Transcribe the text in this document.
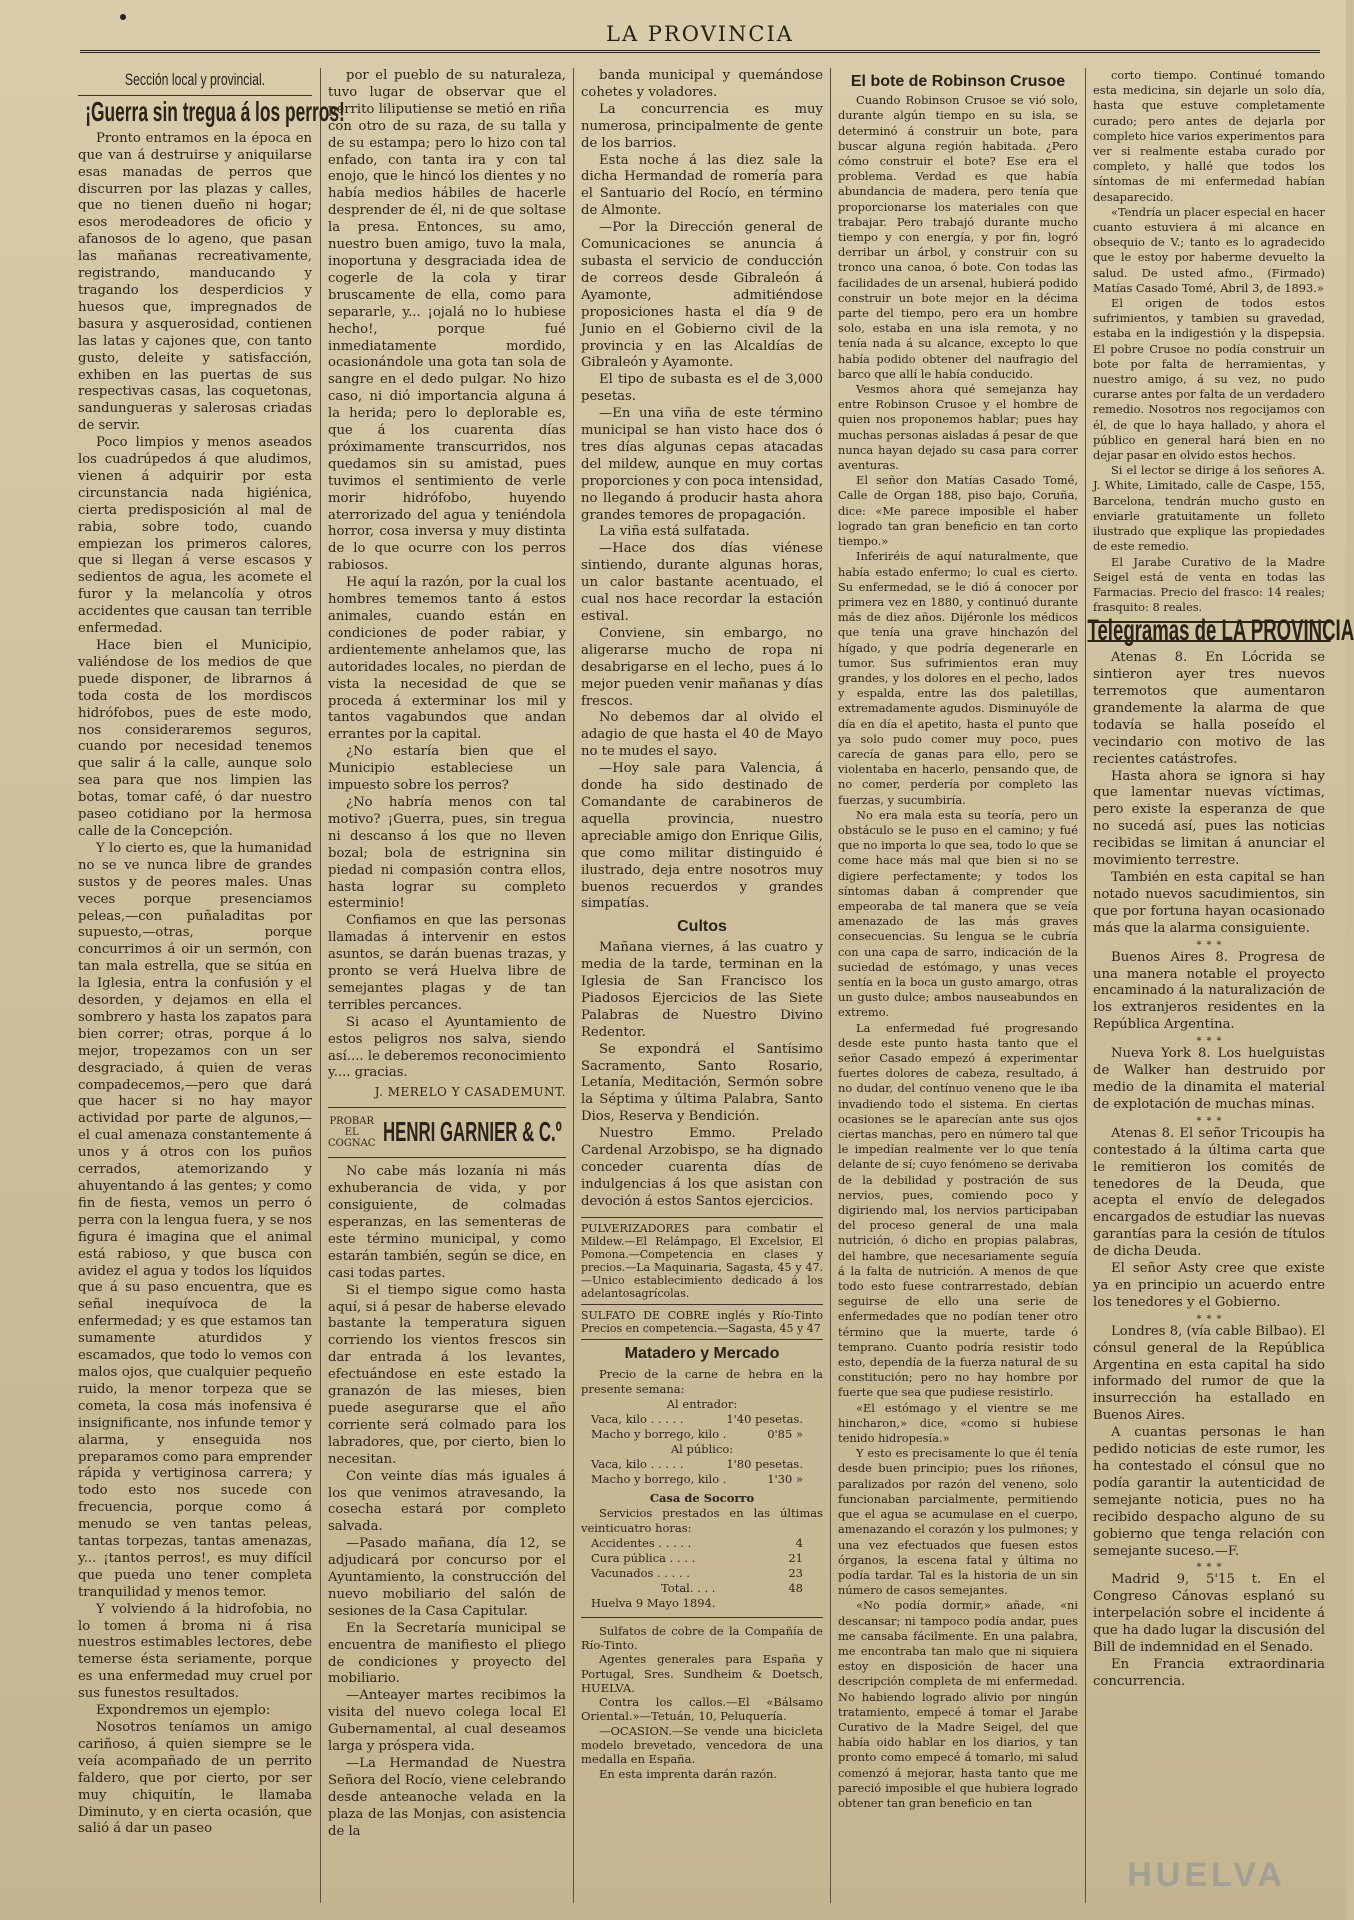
LA PROVINCIA
Sección local y provincial.
¡Guerra sin tregua á los perros!

Pronto entramos en la época en que van á destruirse y aniquilarse esas manadas de perros que discurren por las plazas y calles, que no tienen dueño ni hogar; esos merodeadores de oficio y afanosos de lo ageno, que pasan las mañanas recreativamente, registrando, manducando y tragando los desperdicios y huesos que, impregnados de basura y asquerosidad, contienen las latas y cajones que, con tanto gusto, deleite y satisfacción, exhiben en las puertas de sus respectivas casas, las coquetonas, sandungueras y salerosas criadas de servir.

Poco limpios y menos aseados los cuadrúpedos á que aludimos, vienen á adquirir por esta circunstancia nada higiénica, cierta predisposición al mal de rabia, sobre todo, cuando empiezan los primeros calores, que si llegan á verse escasos y sedientos de agua, les acomete el furor y la melancolía y otros accidentes que causan tan terrible enfermedad.

Hace bien el Municipio, valiéndose de los medios de que puede disponer, de librarnos á toda costa de los mordiscos hidrófobos, pues de este modo, nos consideraremos seguros, cuando por necesidad tenemos que salir á la calle, aunque solo sea para que nos limpien las botas, tomar café, ó dar nuestro paseo cotidiano por la hermosa calle de la Concepción.

Y lo cierto es, que la humanidad no se ve nunca libre de grandes sustos y de peores males. Unas veces porque presenciamos peleas,—con puñaladitas por supuesto,—otras, porque concurrimos á oir un sermón, con tan mala estrella, que se sitúa en la Iglesia, entra la confusión y el desorden, y dejamos en ella el sombrero y hasta los zapatos para bien correr; otras, porque á lo mejor, tropezamos con un ser desgraciado, á quien de veras compadecemos,—pero que dará que hacer si no hay mayor actividad por parte de algunos,—el cual amenaza constantemente á unos y á otros con los puños cerrados, atemorizando y ahuyentando á las gentes; y como fin de fiesta, vemos un perro ó perra con la lengua fuera, y se nos figura é imagina que el animal está rabioso, y que busca con avidez el agua y todos los líquidos que á su paso encuentra, que es señal inequívoca de la enfermedad; y es que estamos tan sumamente aturdidos y escamados, que todo lo vemos con malos ojos, que cualquier pequeño ruido, la menor torpeza que se cometa, la cosa más inofensiva é insignificante, nos infunde temor y alarma, y enseguida nos preparamos como para emprender rápida y vertiginosa carrera; y todo esto nos sucede con frecuencia, porque como á menudo se ven tantas peleas, tantas torpezas, tantas amenazas, y... ¡tantos perros!, es muy difícil que pueda uno tener completa tranquilidad y menos temor.

Y volviendo á la hidrofobia, no lo tomen á broma ni á risa nuestros estimables lectores, debe temerse ésta seriamente, porque es una enfermedad muy cruel por sus funestos resultados.

Expondremos un ejemplo:

Nosotros teníamos un amigo cariñoso, á quien siempre se le veía acompañado de un perrito faldero, que por cierto, por ser muy chiquitín, le llamaba Diminuto, y en cierta ocasión, que salió á dar un paseo

por el pueblo de su naturaleza, tuvo lugar de observar que el perrito liliputiense se metió en riña con otro de su raza, de su talla y de su estampa; pero lo hizo con tal enfado, con tanta ira y con tal enojo, que le hincó los dientes y no había medios hábiles de hacerle desprender de él, ni de que soltase la presa. Entonces, su amo, nuestro buen amigo, tuvo la mala, inoportuna y desgraciada idea de cogerle de la cola y tirar bruscamente de ella, como para separarle, y... ¡ojalá no lo hubiese hecho!, porque fué inmediatamente mordido, ocasionándole una gota tan sola de sangre en el dedo pulgar. No hizo caso, ni dió importancia alguna á la herida; pero lo deplorable es, que á los cuarenta días próximamente transcurridos, nos quedamos sin su amistad, pues tuvimos el sentimiento de verle morir hidrófobo, huyendo aterrorizado del agua y teniéndola horror, cosa inversa y muy distinta de lo que ocurre con los perros rabiosos.

He aquí la razón, por la cual los hombres tememos tanto á estos animales, cuando están en condiciones de poder rabiar, y ardientemente anhelamos que, las autoridades locales, no pierdan de vista la necesidad de que se proceda á exterminar los mil y tantos vagabundos que andan errantes por la capital.

¿No estaría bien que el Municipio estableciese un impuesto sobre los perros?

¿No habría menos con tal motivo? ¡Guerra, pues, sin tregua ni descanso á los que no lleven bozal; bola de estrignina sin piedad ni compasión contra ellos, hasta lograr su completo esterminio!

Confiamos en que las personas llamadas á intervenir en estos asuntos, se darán buenas trazas, y pronto se verá Huelva libre de semejantes plagas y de tan terribles percances.

Si acaso el Ayuntamiento de estos peligros nos salva, siendo así.... le deberemos reconocimiento y.... gracias.

J. MERELO Y CASADEMUNT.
PROBAR EL COGNAC HENRI GARNIER & C.º

No cabe más lozanía ni más exhuberancia de vida, y por consiguiente, de colmadas esperanzas, en las sementeras de este término municipal, y como estarán también, según se dice, en casi todas partes.

Si el tiempo sigue como hasta aquí, si á pesar de haberse elevado bastante la temperatura siguen corriendo los vientos frescos sin dar entrada á los levantes, efectuándose en este estado la granazón de las mieses, bien puede asegurarse que el año corriente será colmado para los labradores, que, por cierto, bien lo necesitan.

Con veinte días más iguales á los que venimos atravesando, la cosecha estará por completo salvada.

—Pasado mañana, día 12, se adjudicará por concurso por el Ayuntamiento, la construcción del nuevo mobiliario del salón de sesiones de la Casa Capitular.

En la Secretaría municipal se encuentra de manifiesto el pliego de condiciones y proyecto del mobiliario.

—Anteayer martes recibimos la visita del nuevo colega local El Gubernamental, al cual deseamos larga y próspera vida.

—La Hermandad de Nuestra Señora del Rocío, viene celebrando desde anteanoche velada en la plaza de las Monjas, con asistencia de la

banda municipal y quemándose cohetes y voladores.

La concurrencia es muy numerosa, principalmente de gente de los barrios.

Esta noche á las diez sale la dicha Hermandad de romería para el Santuario del Rocío, en término de Almonte.

—Por la Dirección general de Comunicaciones se anuncia á subasta el servicio de conducción de correos desde Gibraleón á Ayamonte, admitiéndose proposiciones hasta el día 9 de Junio en el Gobierno civil de la provincia y en las Alcaldías de Gibraleón y Ayamonte.

El tipo de subasta es el de 3,000 pesetas.

—En una viña de este término municipal se han visto hace dos ó tres días algunas cepas atacadas del mildew, aunque en muy cortas proporciones y con poca intensidad, no llegando á producir hasta ahora grandes temores de propagación.

La viña está sulfatada.

—Hace dos días viénese sintiendo, durante algunas horas, un calor bastante acentuado, el cual nos hace recordar la estación estival.

Conviene, sin embargo, no aligerarse mucho de ropa ni desabrigarse en el lecho, pues á lo mejor pueden venir mañanas y días frescos.

No debemos dar al olvido el adagio de que hasta el 40 de Mayo no te mudes el sayo.

—Hoy sale para Valencia, á donde ha sido destinado de Comandante de carabineros de aquella provincia, nuestro apreciable amigo don Enrique Gilis, que como militar distinguido é ilustrado, deja entre nosotros muy buenos recuerdos y grandes simpatías.

Cultos

Mañana viernes, á las cuatro y media de la tarde, terminan en la Iglesia de San Francisco los Piadosos Ejercicios de las Siete Palabras de Nuestro Divino Redentor.

Se expondrá el Santísimo Sacramento, Santo Rosario, Letanía, Meditación, Sermón sobre la Séptima y última Palabra, Santo Dios, Reserva y Bendición.

Nuestro Emmo. Prelado Cardenal Arzobispo, se ha dignado conceder cuarenta días de indulgencias á los que asistan con devoción á estos Santos ejercicios.

PULVERIZADORES para combatir el Mildew.—El Relámpago, El Excelsior, El Pomona.—Competencia en clases y precios.—La Maquinaria, Sagasta, 45 y 47.—Unico establecimiento dedicado á los adelantosagrícolas.
SULFATO DE COBRE inglés y Río-Tinto Precios en competencia.—Sagasta, 45 y 47
Matadero y Mercado

Precio de la carne de hebra en la presente semana:

Al entrador:
Vaca, kilo . . . . .	1'40 pesetas.
Macho y borrego, kilo .	0'85 »
Al público:
Vaca, kilo . . . . .	1'80 pesetas.
Macho y borrego, kilo .	1'30 »
Casa de Socorro

Servicios prestados en las últimas veinticuatro horas:

Accidentes . . . . .	4
Cura pública . . . .	21
Vacunados . . . . .	23
Total. . . .	48
Huelva 9 Mayo 1894.

Sulfatos de cobre de la Compañía de Río-Tinto.

Agentes generales para España y Portugal, Sres. Sundheim & Doetsch, HUELVA.

Contra los callos.—El «Bálsamo Oriental.»—Tetuán, 10, Peluquería.

—OCASION.—Se vende una bicicleta modelo brevetado, vencedora de una medalla en España.

En esta imprenta darán razón.

El bote de Robinson Crusoe

Cuando Robinson Crusoe se vió solo, durante algún tiempo en su isla, se determinó á construir un bote, para buscar alguna región habitada. ¿Pero cómo construir el bote? Ese era el problema. Verdad es que había abundancia de madera, pero tenía que proporcionarse los materiales con que trabajar. Pero trabajó durante mucho tiempo y con energía, y por fin, logró derribar un árbol, y construir con su tronco una canoa, ó bote. Con todas las facilidades de un arsenal, hubierá podido construir un bote mejor en la décima parte del tiempo, pero era un hombre solo, estaba en una isla remota, y no tenía nada á su alcance, excepto lo que había podido obtener del naufragio del barco que allí le había conducido.

Vesmos ahora qué semejanza hay entre Robinson Crusoe y el hombre de quien nos proponemos hablar; pues hay muchas personas aisladas á pesar de que nunca hayan dejado su casa para correr aventuras.

El señor don Matías Casado Tomé, Calle de Organ 188, piso bajo, Coruña, dice: «Me parece imposible el haber logrado tan gran beneficio en tan corto tiempo.»

Inferiréis de aquí naturalmente, que había estado enfermo; lo cual es cierto. Su enfermedad, se le dió á conocer por primera vez en 1880, y continuó durante más de diez años. Dijéronle los médicos que tenía una grave hinchazón del hígado, y que podría degenerarle en tumor. Sus sufrimientos eran muy grandes, y los dolores en el pecho, lados y espalda, entre las dos paletillas, extremadamente agudos. Disminuyóle de día en día el apetito, hasta el punto que ya solo pudo comer muy poco, pues carecía de ganas para ello, pero se violentaba en hacerlo, pensando que, de no comer, perdería por completo las fuerzas, y sucumbiría.

No era mala esta su teoría, pero un obstáculo se le puso en el camino; y fué que no importa lo que sea, todo lo que se come hace más mal que bien si no se digiere perfectamente; y todos los síntomas daban á comprender que empeoraba de tal manera que se veía amenazado de las más graves consecuencias. Su lengua se le cubría con una capa de sarro, indicación de la suciedad de estómago, y unas veces sentía en la boca un gusto amargo, otras un gusto dulce; ambos nauseabundos en extremo.

La enfermedad fué progresando desde este punto hasta tanto que el señor Casado empezó á experimentar fuertes dolores de cabeza, resultado, á no dudar, del contínuo veneno que le iba invadiendo todo el sistema. En ciertas ocasiones se le aparecían ante sus ojos ciertas manchas, pero en número tal que le impedían realmente ver lo que tenía delante de sí; cuyo fenómeno se derivaba de la debilidad y postración de sus nervios, pues, comiendo poco y digiriendo mal, los nervios participaban del proceso general de una mala nutrición, ó dicho en propias palabras, del hambre, que necesariamente seguía á la falta de nutrición. A menos de que todo esto fuese contrarrestado, debían seguirse de ello una serie de enfermedades que no podían tener otro término que la muerte, tarde ó temprano. Cuanto podría resistir todo esto, dependía de la fuerza natural de su constitución; pero no hay hombre por fuerte que sea que pudiese resistirlo.

«El estómago y el vientre se me hincharon,» dice, «como si hubiese tenido hidropesía.»

Y esto es precisamente lo que él tenía desde buen principio; pues los riñones, paralizados por razón del veneno, solo funcionaban parcialmente, permitiendo que el agua se acumulase en el cuerpo, amenazando el corazón y los pulmones; y una vez efectuados que fuesen estos órganos, la escena fatal y última no podía tardar. Tal es la historia de un sin número de casos semejantes.

«No podía dormir,» añade, «ni descansar; ni tampoco podía andar, pues me cansaba fácilmente. En una palabra, me encontraba tan malo que ni siquiera estoy en disposición de hacer una descripción completa de mi enfermedad. No habiendo logrado alivio por ningún tratamiento, empecé á tomar el Jarabe Curativo de la Madre Seigel, del que había oido hablar en los diarios, y tan pronto como empecé á tomarlo, mi salud comenzó á mejorar, hasta tanto que me pareció imposible el que hubiera logrado obtener tan gran beneficio en tan

corto tiempo. Continué tomando esta medicina, sin dejarle un solo día, hasta que estuve completamente curado; pero antes de dejarla por completo hice varios experimentos para ver si realmente estaba curado por completo, y hallé que todos los síntomas de mi enfermedad habían desaparecido.

«Tendría un placer especial en hacer cuanto estuviera á mi alcance en obsequio de V.; tanto es lo agradecido que le estoy por haberme devuelto la salud. De usted afmo., (Firmado) Matías Casado Tomé, Abril 3, de 1893.»

El origen de todos estos sufrimientos, y tambien su gravedad, estaba en la indigestión y la dispepsia. El pobre Crusoe no podía construir un bote por falta de herramientas, y nuestro amigo, á su vez, no pudo curarse antes por falta de un verdadero remedio. Nosotros nos regocijamos con él, de que lo haya hallado, y ahora el público en general hará bien en no dejar pasar en olvido estos hechos.

Si el lector se dirige á los señores A. J. White, Limitado, calle de Caspe, 155, Barcelona, tendrán mucho gusto en enviarle gratuitamente un folleto ilustrado que explique las propiedades de este remedio.

El Jarabe Curativo de la Madre Seigel está de venta en todas las Farmacias. Precio del frasco: 14 reales; frasquito: 8 reales.

Telegramas de LA PROVINCIA

Atenas 8. En Lócrida se sintieron ayer tres nuevos terremotos que aumentaron grandemente la alarma de que todavía se halla poseído el vecindario con motivo de las recientes catástrofes.

Hasta ahora se ignora si hay que lamentar nuevas víctimas, pero existe la esperanza de que no sucedá así, pues las noticias recibidas se limitan á anunciar el movimiento terrestre.

También en esta capital se han notado nuevos sacudimientos, sin que por fortuna hayan ocasionado más que la alarma consiguiente.

∗ ∗ ∗

Buenos Aires 8. Progresa de una manera notable el proyecto encaminado á la naturalización de los extranjeros residentes en la República Argentina.

∗ ∗ ∗

Nueva York 8. Los huelguistas de Walker han destruido por medio de la dinamita el material de explotación de muchas minas.

∗ ∗ ∗

Atenas 8. El señor Tricoupis ha contestado á la última carta que le remitieron los comités de tenedores de la Deuda, que acepta el envío de delegados encargados de estudiar las nuevas garantías para la cesión de títulos de dicha Deuda.

El señor Asty cree que existe ya en principio un acuerdo entre los tenedores y el Gobierno.

∗ ∗ ∗

Londres 8, (vía cable Bilbao). El cónsul general de la República Argentina en esta capital ha sido informado del rumor de que la insurrección ha estallado en Buenos Aires.

A cuantas personas le han pedido noticias de este rumor, les ha contestado el cónsul que no podía garantir la autenticidad de semejante noticia, pues no ha recibido despacho alguno de su gobierno que tenga relación con semejante suceso.—F.

∗ ∗ ∗

Madrid 9, 5'15 t. En el Congreso Cánovas esplanó su interpelación sobre el incidente á que ha dado lugar la discusión del Bill de indemnidad en el Senado.

En Francia extraordinaria concurrencia.

HUELVA
